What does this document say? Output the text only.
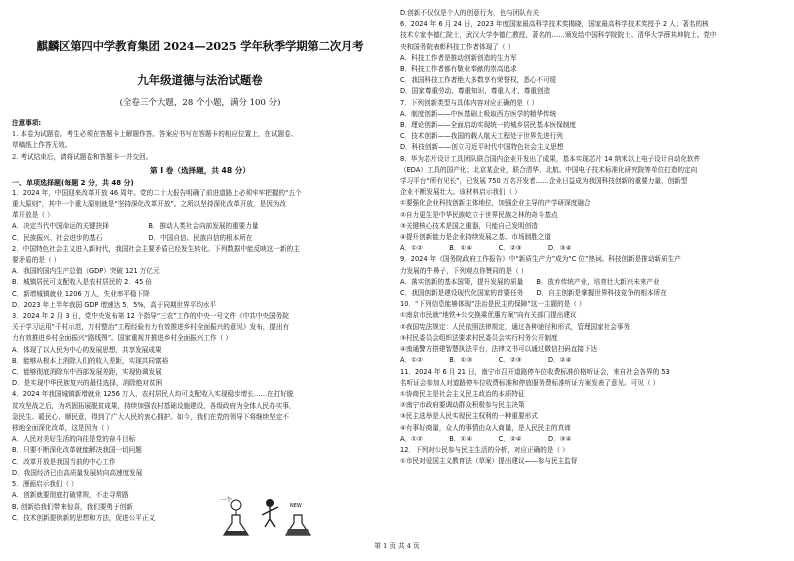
麒麟区第四中学教育集团 2024—2025 学年秋季学期第二次月考
九年级道德与法治试题卷
(全卷三个大题，28 个小题，满分 100 分)
注意事项:
1. 本卷为试题卷。考生必须在答题卡上解题作答。答案应书写在答题卡的相应位置上，在试题卷、
草稿纸上作答无效。
2. 考试结束后，请将试题卷和答题卡一并交回。
第 Ⅰ 卷（选择题，共 48 分）
一、单项选择题(每题 2 分，共 48 分)
1．2024 年，中国迎来改革开放 46 周年。党的二十大报告明确了前进道路上必须牢牢把握的“五个
重大原则”，其中一个重大原则就是“坚持深化改革开放”。之所以坚持深化改革开放，是因为改
革开放是（ ）
A．决定当代中国命运的关键抉择　　　　　　B．推动人类社会向前发展的重要力量
C．民族振兴、社会进步的基石　　　　　　　D．中国自信、民族自信的根本所在
2．中国特色社会主义进入新时代，我国社会主要矛盾已经发生转化。下列数据中能反映这一新的主
要矛盾的是（ ）
A．我国的国内生产总值（GDP）突破 121 万亿元
B．城镇居民可支配收入是农村居民的 2．45 倍
C．新增城镇就业 1206 万人，失业率平稳下降
D．2023 年上半年我国 GDP 增速达 5．5%，高于同期世界平均水平
3．2024 年 2 月 3 日，党中央发布第 12 个指导“三农”工作的中央一号文件《中共中央国务院
关于学习运用“千村示范，万村整治”工程经验有力有效推进乡村全面振兴的意见》发布，提出有
力有效推进乡村全面振兴“路线图”。国家重视并推进乡村全面振兴工作（ ）
A．体现了以人民为中心的发展思想，共享发展成果
B．能够从根本上消除人们的收入差距，实现共同富裕
C．能够彻底消除东中西部发展差距，实现协调发展
D．是实现中华民族复兴的最佳选择，消除绝对贫困
4．2024 年我国城镇新增就业 1256 万人，农村居民人均可支配收入实现稳步增长……在打好脱
贫攻坚战之后，为巩固拓展脱贫成果，持续加强农村基础设施建设，各级政府为全体人民办实事，
急民生、暖民心、顺民意，得到了广大人民的衷心拥护。如今，我们在党的领导下将继续坚定不
移地全面深化改革，这是因为（ ）
A．人民对美好生活的向往是党的奋斗目标
B．只要不断深化改革就能解决我国一切问题
C．改革开放是我国当前的中心工作
D．我国经济已由高质量发展转向高速度发展
5．漫画启示我们（ ）
A．创新就要彻底打破常规，不走寻常路
B. 创新给我们带来惊喜，我们要勇于创新
C．技术创新提供新的思想和方法，促进公平正义
D.创新不仅仅是个人的创意行为，也与团队有关
6．2024 年 6 月 24 日，2023 年度国家最高科学技术奖揭晓，国家最高科学技术奖授予 2 人；著名的核
技术专家李德仁院士，武汉大学李德仁教授，著名的……颁发给中国科学院院士、清华大学薛其坤院士。党中
央和国务院表彰科技工作者体现了（ ）
A．科技工作者是推动创新创造的生力军
B．科技工作者都有敬业奉献的崇高追求
C．我国科技工作者绝大多数享有荣誉权，悉心不可缓
D．国家尊重劳动、尊重知识、尊重人才、尊重创造
7．下列创新类型与具体内容对应正确的是（ ）
A．制度创新——中医基础上吸取西方医学的精华传统
B．理论创新——全面启动实现统一的城乡居民基本医保制度
C．技术创新——我国的载人航天工程处于世界先进行列
D．科技创新——创立习近平时代中国特色社会主义思想
8．华为芯片设计工具团队联合国内企业开发出了成果，基本实现芯片 14 纳米以上电子设计自动化软件
（EDA）工具的国产化；北京某企业，联合清华、北航、中国电子技术标准化研究院等单位打造的定向
学习平台“所有见长”，已发展 750 万名开发者……企业日益成为我国科技创新的重要力量，创新型
企业不断发展壮大。该材料启示我们（ ）
①要强化企业科技创新主体地位，加强企业主导的产学研深度融合
②自力更生是中华民族屹立于世界民族之林的奇斗基点
③关键核心技术是国之重器，只能自己发明创造
④提升创新能力是企业持续发展之基、市场制胜之道
A．①②　　　　B．①④　　　　C．②③　　　　D．③④
9．2024 年《国务院政府工作报告》中“新质生产力”成为“C 位”热词。科技创新是推动新质生产
力发展的牛鼻子，下列观点你赞同的是（ ）
A．落实创新的基本国策，提升发展的质量　　B．放弃传统产业，培育壮大新兴未来产业
C．我国创新是建设现代化国家的首要任务　　D．自主创新是掌握世界科技竞争的根本所在
10．“下列信息能够体现“法治是民主的保障”这一主题的是（ ）
①南京市民就“地铁+公交换乘优惠方案”向有关部门提出建议
②我国宪法规定：人民依照法律规定，通过各种途径和形式，管理国家社会事务
③村民委员会组织法要求村民委员会实行村务公开制度
④南通警方搭建智慧执法平台，法律文书可以通过微信扫码直接下达
A．①②　　　　B．①③　　　　C．②③　　　　D．②④
11．2024 年 6 月 21 日，南宁市召开道路停车位收费标准价格听证会，来自社会各界的 53
名听证会参加人对道路停车位收费标准和停放服务费标准听证方案发表了意见。可见（ ）
①协商民主是社会主义民主政治的本质特征
②南宁市政府要调动群众积极参与民主决策
③民主选举是人民实现民主权利的一种重要形式
④有事好商量，众人的事情由众人商量，是人民民主的真谛
A．①②　　　　B．①④　　　　C．②④　　　　D．③④
12．下列对公民参与民主生活的分析，对应正确的是（ ）
①市民对爱国主义教育法（草案）提出建议——参与民主监督
一个
NEW
第 1 页 共 4 页
